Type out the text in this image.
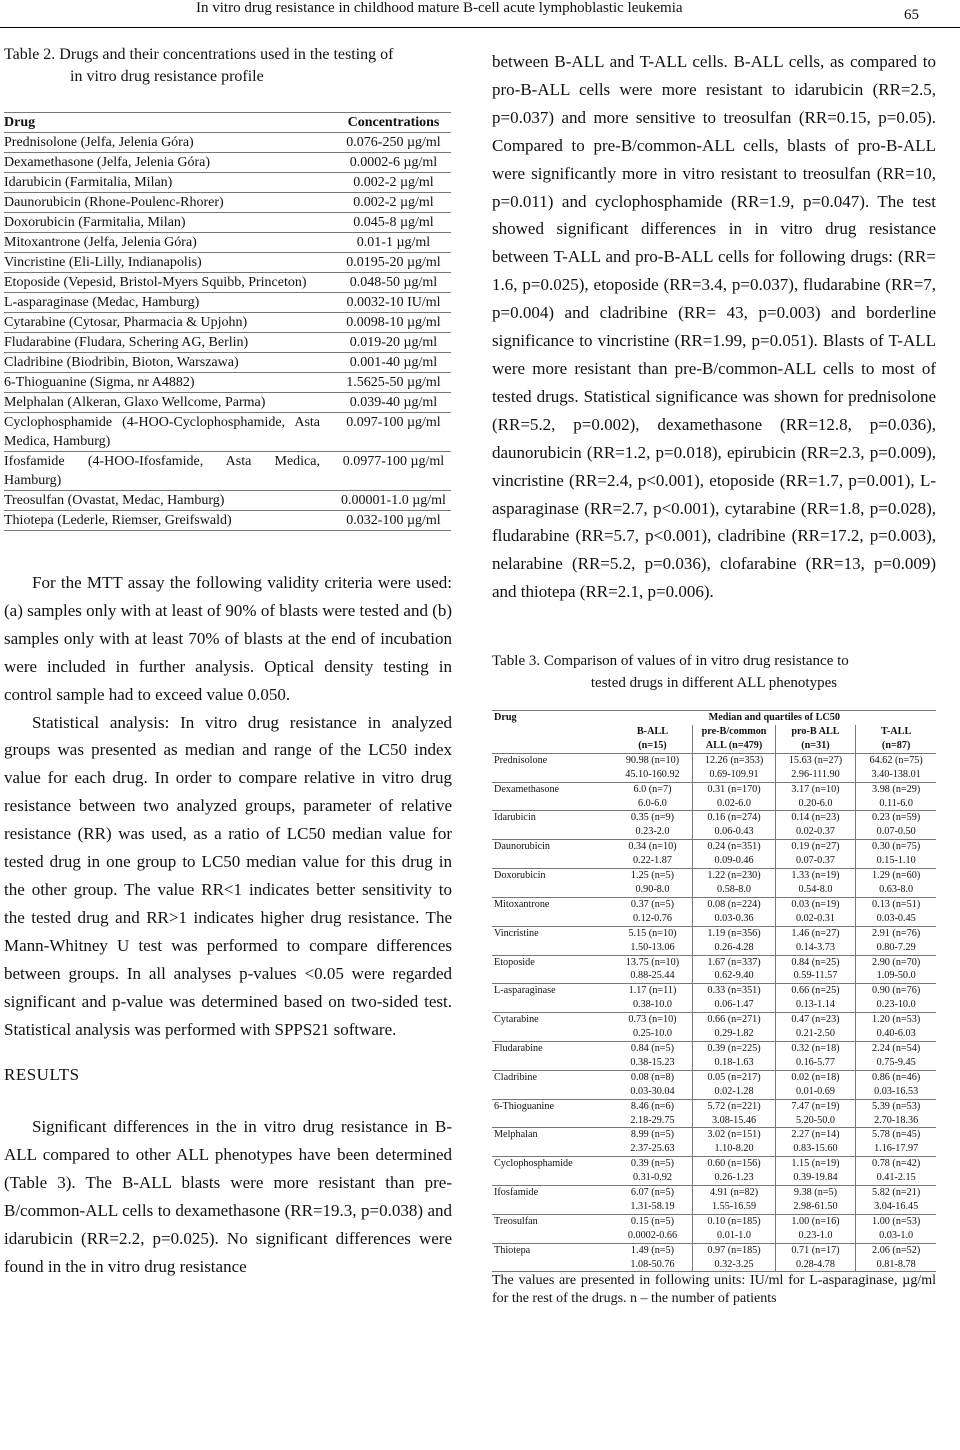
In vitro drug resistance in childhood mature B-cell acute lymphoblastic leukemia	65

Table 2. Drugs and their concentrations used in the testing of
in vitro drug resistance profile

Drug	Concentrations
Prednisolone (Jelfa, Jelenia Góra)	0.076-250 µg/ml
Dexamethasone (Jelfa, Jelenia Góra)	0.0002-6 µg/ml
Idarubicin (Farmitalia, Milan)	0.002-2 µg/ml
Daunorubicin (Rhone-Poulenc-Rhorer)	0.002-2 µg/ml
Doxorubicin (Farmitalia, Milan)	0.045-8 µg/ml
Mitoxantrone (Jelfa, Jelenia Góra)	0.01-1 µg/ml
Vincristine (Eli-Lilly, Indianapolis)	0.0195-20 µg/ml
Etoposide (Vepesid, Bristol-Myers Squibb, Princeton)	0.048-50 µg/ml
L-asparaginase (Medac, Hamburg)	0.0032-10 IU/ml
Cytarabine (Cytosar, Pharmacia & Upjohn)	0.0098-10 µg/ml
Fludarabine (Fludara, Schering AG, Berlin)	0.019-20 µg/ml
Cladribine (Biodribin, Bioton, Warszawa)	0.001-40 µg/ml
6-Thioguanine (Sigma, nr A4882)	1.5625-50 µg/ml
Melphalan (Alkeran, Glaxo Wellcome, Parma)	0.039-40 µg/ml
Cyclophosphamide (4-HOO-Cyclophosphamide, Asta Medica, Hamburg)	0.097-100 µg/ml
Ifosfamide (4-HOO-Ifosfamide, Asta Medica, Hamburg)	0.0977-100 µg/ml
Treosulfan (Ovastat, Medac, Hamburg)	0.00001-1.0 µg/ml
Thiotepa (Lederle, Riemser, Greifswald)	0.032-100 µg/ml

For the MTT assay the following validity criteria were used: (a) samples only with at least of 90% of blasts were tested and (b) samples only with at least 70% of blasts at the end of incubation were included in further analysis. Optical density testing in control sample had to exceed value 0.050.

Statistical analysis: In vitro drug resistance in analyzed groups was presented as median and range of the LC50 index value for each drug. In order to compare relative in vitro drug resistance between two analyzed groups, parameter of relative resistance (RR) was used, as a ratio of LC50 median value for tested drug in one group to LC50 median value for this drug in the other group. The value RR<1 indicates better sensitivity to the tested drug and RR>1 indicates higher drug resistance. The Mann-Whitney U test was performed to compare differences between groups. In all analyses p-values <0.05 were regarded significant and p-value was determined based on two-sided test. Statistical analysis was performed with SPPS21 software.

RESULTS

Significant differences in the in vitro drug resistance in B-ALL compared to other ALL phenotypes have been determined (Table 3). The B-ALL blasts were more resistant than pre-B/common-ALL cells to dexamethasone (RR=19.3, p=0.038) and idarubicin (RR=2.2, p=0.025). No significant differences were found in the in vitro drug resistance

between B-ALL and T-ALL cells. B-ALL cells, as compared to pro-B-ALL cells were more resistant to idarubicin (RR=2.5, p=0.037) and more sensitive to treosulfan (RR=0.15, p=0.05). Compared to pre-B/common-ALL cells, blasts of pro-B-ALL were significantly more in vitro resistant to treosulfan (RR=10, p=0.011) and cyclophosphamide (RR=1.9, p=0.047). The test showed significant differences in in vitro drug resistance between T-ALL and pro-B-ALL cells for following drugs: (RR= 1.6, p=0.025), etoposide (RR=3.4, p=0.037), fludarabine (RR=7, p=0.004) and cladribine (RR= 43, p=0.003) and borderline significance to vincristine (RR=1.99, p=0.051). Blasts of T-ALL were more resistant than pre-B/common-ALL cells to most of tested drugs. Statistical significance was shown for prednisolone (RR=5.2, p=0.002), dexamethasone (RR=12.8, p=0.036), daunorubicin (RR=1.2, p=0.018), epirubicin (RR=2.3, p=0.009), vincristine (RR=2.4, p<0.001), etoposide (RR=1.7, p=0.001), L-asparaginase (RR=2.7, p<0.001), cytarabine (RR=1.8, p=0.028), fludarabine (RR=5.7, p<0.001), cladribine (RR=17.2, p=0.003), nelarabine (RR=5.2, p=0.036), clofarabine (RR=13, p=0.009) and thiotepa (RR=2.1, p=0.006).

Table 3. Comparison of values of in vitro drug resistance to
tested drugs in different ALL phenotypes
Drug	Median and quartiles of LC50			
	B-ALL	pre-B/common	pro-B ALL	T-ALL
	(n=15)	ALL (n=479)	(n=31)	(n=87)
Prednisolone	90.98 (n=10)	12.26 (n=353)	15.63 (n=27)	64.62 (n=75)
	45.10-160.92	0.69-109.91	2.96-111.90	3.40-138.01
Dexamethasone	6.0 (n=7)	0.31 (n=170)	3.17 (n=10)	3.98 (n=29)
	6.0-6.0	0.02-6.0	0.20-6.0	0.11-6.0
Idarubicin	0.35 (n=9)	0.16 (n=274)	0.14 (n=23)	0.23 (n=59)
	0.23-2.0	0.06-0.43	0.02-0.37	0.07-0.50
Daunorubicin	0.34 (n=10)	0.24 (n=351)	0.19 (n=27)	0.30 (n=75)
	0.22-1.87	0.09-0.46	0.07-0.37	0.15-1.10
Doxorubicin	1.25 (n=5)	1.22 (n=230)	1.33 (n=19)	1.29 (n=60)
	0.90-8.0	0.58-8.0	0.54-8.0	0.63-8.0
Mitoxantrone	0.37 (n=5)	0.08 (n=224)	0.03 (n=19)	0.13 (n=51)
	0.12-0.76	0.03-0.36	0.02-0.31	0.03-0.45
Vincristine	5.15 (n=10)	1.19 (n=356)	1.46 (n=27)	2.91 (n=76)
	1.50-13.06	0.26-4.28	0.14-3.73	0.80-7.29
Etoposide	13.75 (n=10)	1.67 (n=337)	0.84 (n=25)	2.90 (n=70)
	0.88-25.44	0.62-9.40	0.59-11.57	1.09-50.0
L-asparaginase	1.17 (n=11)	0.33 (n=351)	0.66 (n=25)	0.90 (n=76)
	0.38-10.0	0.06-1.47	0.13-1.14	0.23-10.0
Cytarabine	0.73 (n=10)	0.66 (n=271)	0.47 (n=23)	1.20 (n=53)
	0.25-10.0	0.29-1.82	0.21-2.50	0.40-6.03
Fludarabine	0.84 (n=5)	0.39 (n=225)	0.32 (n=18)	2.24 (n=54)
	0.38-15.23	0.18-1.63	0.16-5.77	0.75-9.45
Cladribine	0.08 (n=8)	0.05 (n=217)	0.02 (n=18)	0.86 (n=46)
	0.03-30.04	0.02-1.28	0.01-0.69	0.03-16.53
6-Thioguanine	8.46 (n=6)	5.72 (n=221)	7.47 (n=19)	5.39 (n=53)
	2.18-29.75	3.08-15.46	5.20-50.0	2.70-18.36
Melphalan	8.99 (n=5)	3.02 (n=151)	2.27 (n=14)	5.78 (n=45)
	2.37-25.63	1.10-8.20	0.83-15.60	1.16-17.97
Cyclophosphamide	0.39 (n=5)	0.60 (n=156)	1.15 (n=19)	0.78 (n=42)
	0.31-0.92	0.26-1.23	0.39-19.84	0.41-2.15
Ifosfamide	6.07 (n=5)	4.91 (n=82)	9.38 (n=5)	5.82 (n=21)
	1.31-58.19	1.55-16.59	2.98-61.50	3.04-16.45
Treosulfan	0.15 (n=5)	0.10 (n=185)	1.00 (n=16)	1.00 (n=53)
	0.0002-0.66	0.01-1.0	0.23-1.0	0.03-1.0
Thiotepa	1.49 (n=5)	0.97 (n=185)	0.71 (n=17)	2.06 (n=52)
	1.08-50.76	0.32-3.25	0.28-4.78	0.81-8.78

The values are presented in following units: IU/ml for L-asparaginase, µg/ml for the rest of the drugs. n – the number of patients
